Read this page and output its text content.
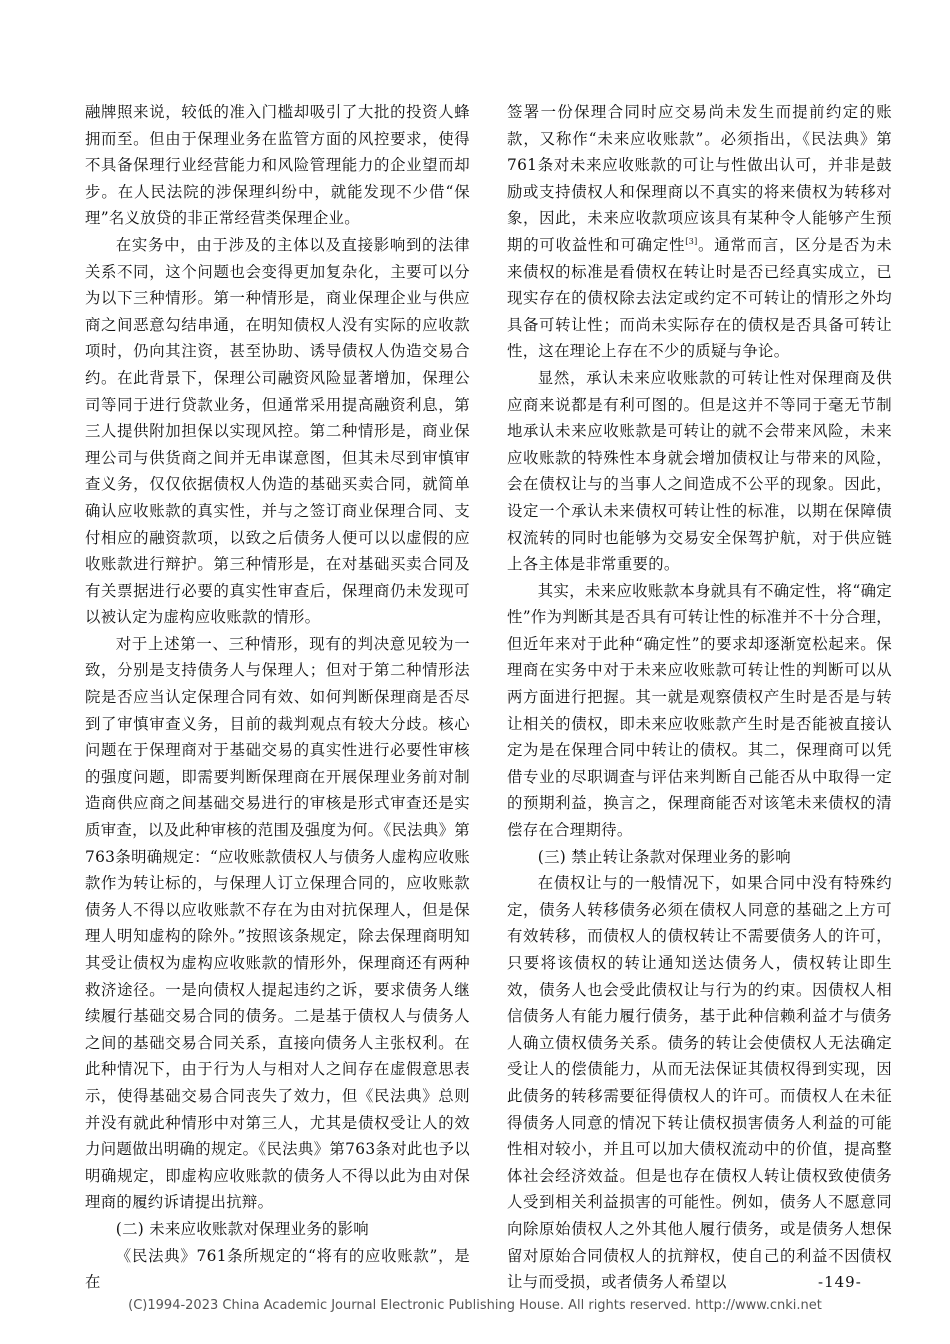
融牌照来说，较低的准入门槛却吸引了大批的投资人蜂拥而至。但由于保理业务在监管方面的风控要求，使得不具备保理行业经营能力和风险管理能力的企业望而却步。在人民法院的涉保理纠纷中，就能发现不少借“保理”名义放贷的非正常经营类保理企业。

在实务中，由于涉及的主体以及直接影响到的法律关系不同，这个问题也会变得更加复杂化，主要可以分为以下三种情形。第一种情形是，商业保理企业与供应商之间恶意勾结串通，在明知债权人没有实际的应收款项时，仍向其注资，甚至协助、诱导债权人伪造交易合约。在此背景下，保理公司融资风险显著增加，保理公司等同于进行贷款业务，但通常采用提高融资利息，第三人提供附加担保以实现风控。第二种情形是，商业保理公司与供货商之间并无串谋意图，但其未尽到审慎审查义务，仅仅依据债权人伪造的基础买卖合同，就简单确认应收账款的真实性，并与之签订商业保理合同、支付相应的融资款项，以致之后债务人便可以以虚假的应收账款进行辩护。第三种情形是，在对基础买卖合同及有关票据进行必要的真实性审查后，保理商仍未发现可以被认定为虚构应收账款的情形。

对于上述第一、三种情形，现有的判决意见较为一致，分别是支持债务人与保理人；但对于第二种情形法院是否应当认定保理合同有效、如何判断保理商是否尽到了审慎审查义务，目前的裁判观点有较大分歧。核心问题在于保理商对于基础交易的真实性进行必要性审核的强度问题，即需要判断保理商在开展保理业务前对制造商供应商之间基础交易进行的审核是形式审查还是实质审查，以及此种审核的范围及强度为何。《民法典》第763条明确规定：“应收账款债权人与债务人虚构应收账款作为转让标的，与保理人订立保理合同的，应收账款债务人不得以应收账款不存在为由对抗保理人，但是保理人明知虚构的除外。”按照该条规定，除去保理商明知其受让债权为虚构应收账款的情形外，保理商还有两种救济途径。一是向债权人提起违约之诉，要求债务人继续履行基础交易合同的债务。二是基于债权人与债务人之间的基础交易合同关系，直接向债务人主张权利。在此种情况下，由于行为人与相对人之间存在虚假意思表示，使得基础交易合同丧失了效力，但《民法典》总则并没有就此种情形中对第三人，尤其是债权受让人的效力问题做出明确的规定。《民法典》第763条对此也予以明确规定，即虚构应收账款的债务人不得以此为由对保理商的履约诉请提出抗辩。

(二) 未来应收账款对保理业务的影响

《民法典》761条所规定的“将有的应收账款”，是在

签署一份保理合同时应交易尚未发生而提前约定的账款，又称作“未来应收账款”。必须指出，《民法典》第761条对未来应收账款的可让与性做出认可，并非是鼓励或支持债权人和保理商以不真实的将来债权为转移对象，因此，未来应收款项应该具有某种令人能够产生预期的可收益性和可确定性[3]。通常而言，区分是否为未来债权的标准是看债权在转让时是否已经真实成立，已现实存在的债权除去法定或约定不可转让的情形之外均具备可转让性；而尚未实际存在的债权是否具备可转让性，这在理论上存在不少的质疑与争论。

显然，承认未来应收账款的可转让性对保理商及供应商来说都是有利可图的。但是这并不等同于毫无节制地承认未来应收账款是可转让的就不会带来风险，未来应收账款的特殊性本身就会增加债权让与带来的风险，会在债权让与的当事人之间造成不公平的现象。因此，设定一个承认未来债权可转让性的标准，以期在保障债权流转的同时也能够为交易安全保驾护航，对于供应链上各主体是非常重要的。

其实，未来应收账款本身就具有不确定性，将“确定性”作为判断其是否具有可转让性的标准并不十分合理，但近年来对于此种“确定性”的要求却逐渐宽松起来。保理商在实务中对于未来应收账款可转让性的判断可以从两方面进行把握。其一就是观察债权产生时是否是与转让相关的债权，即未来应收账款产生时是否能被直接认定为是在保理合同中转让的债权。其二，保理商可以凭借专业的尽职调查与评估来判断自己能否从中取得一定的预期利益，换言之，保理商能否对该笔未来债权的清偿存在合理期待。

(三) 禁止转让条款对保理业务的影响

在债权让与的一般情况下，如果合同中没有特殊约定，债务人转移债务必须在债权人同意的基础之上方可有效转移，而债权人的债权转让不需要债务人的许可，只要将该债权的转让通知送达债务人，债权转让即生效，债务人也会受此债权让与行为的约束。因债权人相信债务人有能力履行债务，基于此种信赖利益才与债务人确立债权债务关系。债务的转让会使债权人无法确定受让人的偿债能力，从而无法保证其债权得到实现，因此债务的转移需要征得债权人的许可。而债权人在未征得债务人同意的情况下转让债权损害债务人利益的可能性相对较小，并且可以加大债权流动中的价值，提高整体社会经济效益。但是也存在债权人转让债权致使债务人受到相关利益损害的可能性。例如，债务人不愿意同向除原始债权人之外其他人履行债务，或是债务人想保留对原始合同债权人的抗辩权，使自己的利益不因债权让与而受损，或者债务人希望以	-149-
(C)1994-2023 China Academic Journal Electronic Publishing House. All rights reserved. http://www.cnki.net
